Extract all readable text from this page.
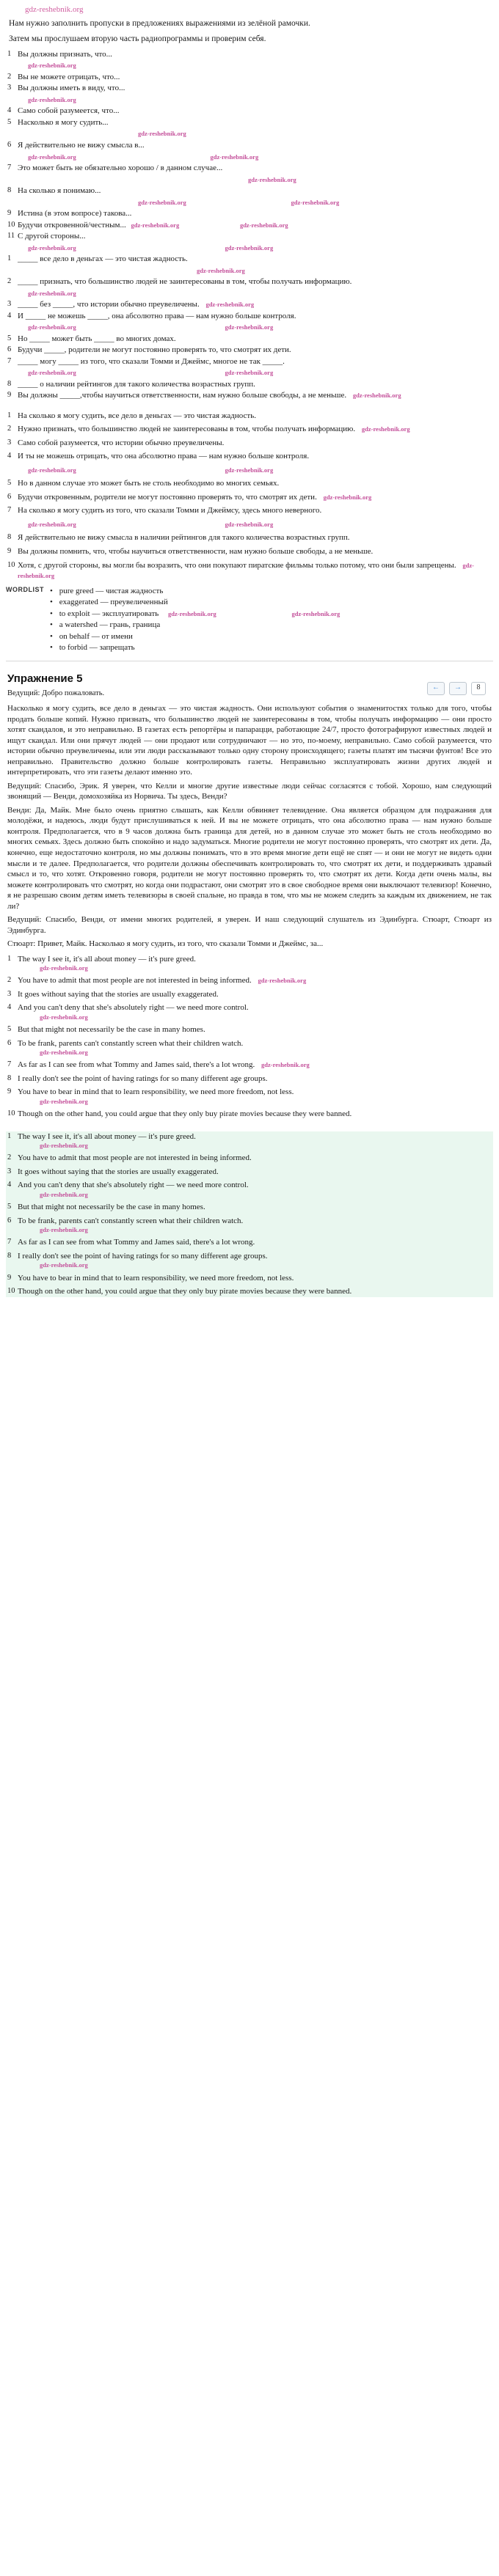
gdz-reshebnik.org

Нам нужно заполнить пропуски в предложениях выражениями из зелёной рамочки.

Затем мы прослушаем вторую часть радиопрограммы и проверим себя.

1 Вы должны признать, что...
gdz-reshebnik.org
2 Вы не можете отрицать, что...
3 Вы должны иметь в виду, что...
gdz-reshebnik.org
4 Само собой разумеется, что...
5 Насколько я могу судить...
gdz-reshebnik.org
6 Я действительно не вижу смысла в...
gdz-reshebnik.org	gdz-reshebnik.org
7 Это может быть не обязательно хорошо / в данном случае...
gdz-reshebnik.org
8 На сколько я понимаю...
gdz-reshebnik.org	gdz-reshebnik.org
9 Истина (в этом вопросе) такова...
10 Будучи откровенной/честным... gdz-reshebnik.org	gdz-reshebnik.org
11 С другой стороны...
gdz-reshebnik.org	gdz-reshebnik.org
1 _____ все дело в деньгах — это чистая жадность.
gdz-reshebnik.org
2 _____ признать, что большинство людей не заинтересованы в том, чтобы получать информацию.
gdz-reshebnik.org
3 _____ без _____, что истории обычно преувеличены. gdz-reshebnik.org
4 И _____ не можешь _____, она абсолютно права — нам нужно больше контроля.
gdz-reshebnik.org	gdz-reshebnik.org
5 Но _____ может быть _____ во многих домах.
6 Будучи _____, родители не могут постоянно проверять то, что смотрят их дети.
7 _____ могу _____ из того, что сказали Томми и Джеймс, многое не так _____.
gdz-reshebnik.org	gdz-reshebnik.org
8 _____ о наличии рейтингов для такого количества возрастных групп.
9 Вы должны _____,чтобы научиться ответственности, нам нужно больше свободы, а не меньше. gdz-reshebnik.org
1 На сколько я могу судить, все дело в деньгах — это чистая жадность.
2 Нужно признать, что большинство людей не заинтересованы в том, чтобы получать информацию. gdz-reshebnik.org
3 Само собой разумеется, что истории обычно преувеличены.
4 И ты не можешь отрицать, что она абсолютно права — нам нужно больше контроля.
gdz-reshebnik.org	gdz-reshebnik.org
5 Но в данном случае это может быть не столь необходимо во многих семьях.
6 Будучи откровенным, родители не могут постоянно проверять то, что смотрят их дети. gdz-reshebnik.org
7 На сколько я могу судить из того, что сказали Томми и Джеймсу, здесь много неверного.
gdz-reshebnik.org	gdz-reshebnik.org
8 Я действительно не вижу смысла в наличии рейтингов для такого количества возрастных групп.
9 Вы должны помнить, что, чтобы научиться ответственности, нам нужно больше свободы, а не меньше.
10 Хотя, с другой стороны, вы могли бы возразить, что они покупают пиратские фильмы только потому, что они были запрещены. gdz-reshebnik.org
WORDLIST • pure greed — чистая жадность
• exaggerated — преувеличенный
• to exploit — эксплуатировать gdz-reshebnik.org	gdz-reshebnik.org
• a watershed — грань, граница
• on behalf — от имени
• to forbid — запрещать
Упражнение 5
←	→	8
Ведущий: Добро пожаловать.

Насколько я могу судить, все дело в деньгах — это чистая жадность. Они используют события о знаменитостях только для того, чтобы продать больше копий. Нужно признать, что большинство людей не заинтересованы в том, чтобы получать информацию — они просто хотят скандалов, и это неправильно. В газетах есть репортёры и папарацци, работающие 24/7, просто фотографируют известных людей и ищут скандал. Или они прячут людей — они продают или сотрудничают — но это, по-моему, неправильно. Само собой разумеется, что истории обычно преувеличены, или эти люди рассказывают только одну сторону происходящего; газеты платят им тысячи фунтов! Все это неправильно. Правительство должно больше контролировать газеты. Неправильно эксплуатировать жизни других людей и интерпретировать, что эти газеты делают именно это.

Ведущий: Спасибо, Эрик. Я уверен, что Келли и многие другие известные люди сейчас согласятся с тобой. Хорошо, нам следующий звонящий — Венди, домохозяйка из Норвича. Ты здесь, Венди?

Венди: Да, Майк. Мне было очень приятно слышать, как Келли обвиняет телевидение. Она является образцом для подражания для молодёжи, и надеюсь, люди будут прислушиваться к ней. И вы не можете отрицать, что она абсолютно права — нам нужно больше контроля. Предполагается, что в 9 часов должна быть граница для детей, но в данном случае это может быть не столь необходимо во многих семьях. Здесь должно быть спокойно и надо задуматься. Многие родители не могут постоянно проверять, что смотрят их дети. Да, конечно, еще недостаточно контроля, но мы должны понимать, что в это время многие дети ещё не спят — и они не могут не видеть одни мысли и те далее. Предполагается, что родители должны обеспечивать контролировать то, что смотрят их дети, и поддерживать здравый смысл и то, что хотят. Откровенно говоря, родители не могут постоянно проверять то, что смотрят их дети. Когда дети очень малы, вы можете контролировать что смотрят, но когда они подрастают, они смотрят это в свое свободное время они выключают телевизор! Конечно, я не разрешаю своим детям иметь телевизоры в своей спальне, но правда в том, что мы не можем следить за каждым их движением, не так ли?

Ведущий: Спасибо, Венди, от имени многих родителей, я уверен. И наш следующий слушатель из Эдинбурга. Стюарт, Стюарт из Эдинбурга.

Стюарт: Привет, Майк. Насколько я могу судить, из того, что сказали Томми и Джеймс, за...

1 The way I see it, it's all about money — it's pure greed.
gdz-reshebnik.org
2 You have to admit that most people are not interested in being informed. gdz-reshebnik.org
3 It goes without saying that the stories are usually exaggerated.
4 And you can't deny that she's absolutely right — we need more control.
gdz-reshebnik.org
5 But that might not necessarily be the case in many homes.
6 To be frank, parents can't constantly screen what their children watch.
gdz-reshebnik.org
7 As far as I can see from what Tommy and James said, there's a lot wrong. gdz-reshebnik.org
8 I really don't see the point of having ratings for so many different age groups.
9 You have to bear in mind that to learn responsibility, we need more freedom, not less.
gdz-reshebnik.org
10 Though on the other hand, you could argue that they only buy pirate movies because they were banned.
1 The way I see it, it's all about money — it's pure greed.
gdz-reshebnik.org
2 You have to admit that most people are not interested in being informed.
3 It goes without saying that the stories are usually exaggerated.
4 And you can't deny that she's absolutely right — we need more control.
gdz-reshebnik.org
5 But that might not necessarily be the case in many homes.
6 To be frank, parents can't constantly screen what their children watch.
gdz-reshebnik.org
7 As far as I can see from what Tommy and James said, there's a lot wrong.
8 I really don't see the point of having ratings for so many different age groups.
gdz-reshebnik.org
9 You have to bear in mind that to learn responsibility, we need more freedom, not less.
10 Though on the other hand, you could argue that they only buy pirate movies because they were banned.
